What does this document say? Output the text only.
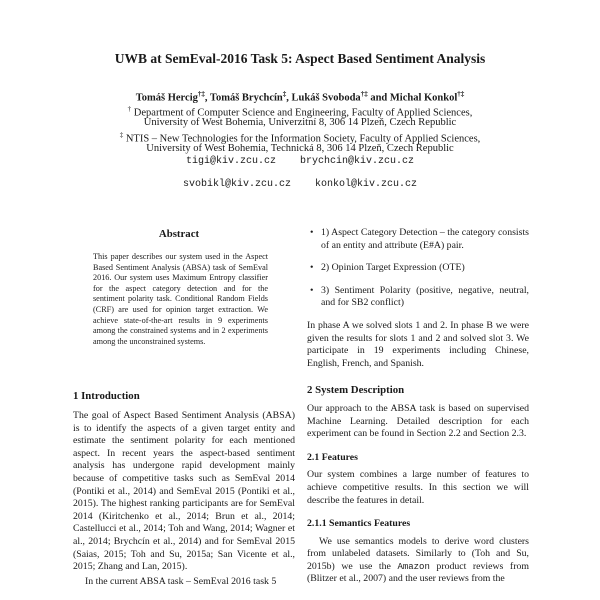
UWB at SemEval-2016 Task 5: Aspect Based Sentiment Analysis
Tomáš Hercig†‡, Tomáš Brychcín‡, Lukáš Svoboda†‡ and Michal Konkol†‡
† Department of Computer Science and Engineering, Faculty of Applied Sciences,
University of West Bohemia, Univerzitní 8, 306 14 Plzeň, Czech Republic
‡ NTIS – New Technologies for the Information Society, Faculty of Applied Sciences,
University of West Bohemia, Technická 8, 306 14 Plzeň, Czech Republic
tigi@kiv.zcu.cz brychcin@kiv.zcu.cz
svobikl@kiv.zcu.cz konkol@kiv.zcu.cz
Abstract
This paper describes our system used in the Aspect Based Sentiment Analysis (ABSA) task of SemEval 2016. Our system uses Maximum Entropy classifier for the aspect category detection and for the sentiment polarity task. Conditional Random Fields (CRF) are used for opinion target extraction. We achieve state-of-the-art results in 9 experiments among the constrained systems and in 2 experiments among the unconstrained systems.
1 Introduction

The goal of Aspect Based Sentiment Analysis (ABSA) is to identify the aspects of a given target entity and estimate the sentiment polarity for each mentioned aspect. In recent years the aspect-based sentiment analysis has undergone rapid development mainly because of competitive tasks such as SemEval 2014 (Pontiki et al., 2014) and SemEval 2015 (Pontiki et al., 2015). The highest ranking participants are for SemEval 2014 (Kiritchenko et al., 2014; Brun et al., 2014; Castellucci et al., 2014; Toh and Wang, 2014; Wagner et al., 2014; Brychcín et al., 2014) and for SemEval 2015 (Saias, 2015; Toh and Su, 2015a; San Vicente et al., 2015; Zhang and Lan, 2015).

In the current ABSA task – SemEval 2016 task 5

• 1) Aspect Category Detection – the category consists of an entity and attribute (E#A) pair.
• 2) Opinion Target Expression (OTE)
• 3) Sentiment Polarity (positive, negative, neutral, and for SB2 conflict)

In phase A we solved slots 1 and 2. In phase B we were given the results for slots 1 and 2 and solved slot 3. We participate in 19 experiments including Chinese, English, French, and Spanish.

2 System Description

Our approach to the ABSA task is based on supervised Machine Learning. Detailed description for each experiment can be found in Section 2.2 and Section 2.3.

2.1 Features

Our system combines a large number of features to achieve competitive results. In this section we will describe the features in detail.

2.1.1 Semantics Features

We use semantics models to derive word clusters from unlabeled datasets. Similarly to (Toh and Su, 2015b) we use the Amazon product reviews from (Blitzer et al., 2007) and the user reviews from the
